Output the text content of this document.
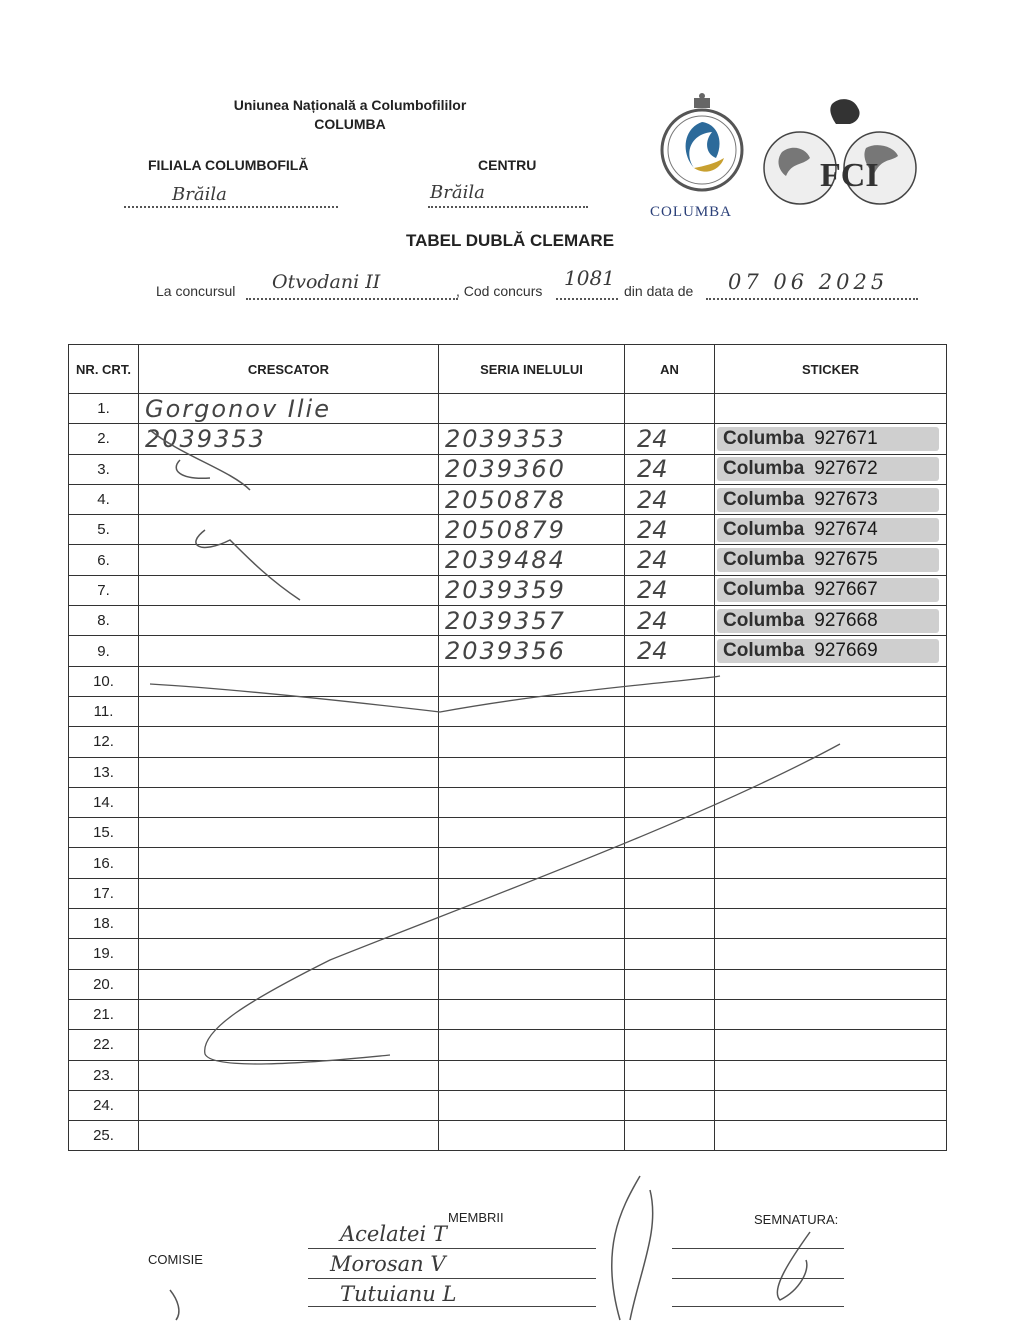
Uniunea Națională a Columbofililor
COLUMBA
FILIALA COLUMBOFILĂ
Brăila
CENTRU
Brăila
COLUMBA
FCI
TABEL DUBLĂ CLEMARE
La concursul Otvodani II	, Cod concurs
1081
din data de 07 06 2025
NR. CRT.	CRESCATOR	SERIA INELULUI	AN	STICKER
1.	Gorgonov Ilie			
2.	2039353	2039353	24	Columba 927671
3.		2039360	24	Columba 927672
4.		2050878	24	Columba 927673
5.		2050879	24	Columba 927674
6.		2039484	24	Columba 927675
7.		2039359	24	Columba 927667
8.		2039357	24	Columba 927668
9.		2039356	24	Columba 927669
10.				
11.				
12.				
13.				
14.				
15.				
16.				
17.				
18.				
19.				
20.				
21.				
22.				
23.				
24.				
25.				
MEMBRII	SEMNATURA:
COMISIE
Acelatei T
Morosan V
Tutuianu L
